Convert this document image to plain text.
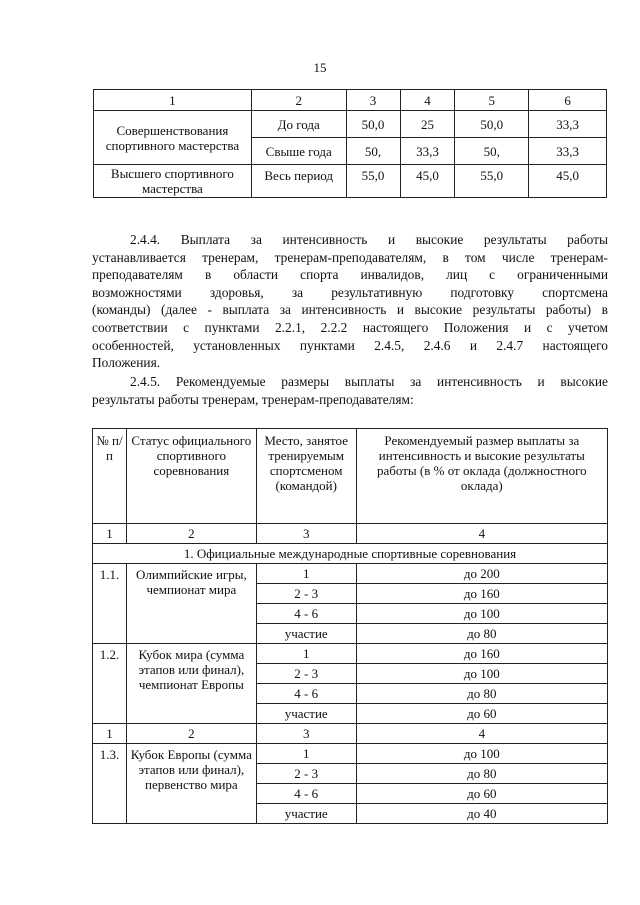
15
1	2	3	4	5	6
Совершенствования спортивного мастерства	До года	50,0	25	50,0	33,3
	Свыше года	50,	33,3	50,	33,3
Высшего спортивного мастерства	Весь период	55,0	45,0	55,0	45,0
2.4.4. Выплата за интенсивность и высокие результаты работы
устанавливается тренерам, тренерам-преподавателям, в том числе тренерам-
преподавателям в области спорта инвалидов, лиц с ограниченными
возможностями здоровья, за результативную подготовку спортсмена
(команды) (далее - выплата за интенсивность и высокие результаты работы) в
соответствии с пунктами 2.2.1, 2.2.2 настоящего Положения и с учетом
особенностей, установленных пунктами 2.4.5, 2.4.6 и 2.4.7 настоящего
Положения.
2.4.5. Рекомендуемые размеры выплаты за интенсивность и высокие
результаты работы тренерам, тренерам-преподавателям:
№ п/п	Статус официального спортивного соревнования	Место, занятое тренируемым спортсменом (командой)	Рекомендуемый размер выплаты за интенсивность и высокие результаты работы (в % от оклада (должностного оклада)
1	2	3	4
1. Официальные международные спортивные соревнования			
1.1.	Олимпийские игры, чемпионат мира	1	до 200
		2 - 3	до 160
		4 - 6	до 100
		участие	до 80
1.2.	Кубок мира (сумма этапов или финал), чемпионат Европы	1	до 160
		2 - 3	до 100
		4 - 6	до 80
		участие	до 60
1	2	3	4
1.3.	Кубок Европы (сумма этапов или финал), первенство мира	1	до 100
		2 - 3	до 80
		4 - 6	до 60
		участие	до 40
